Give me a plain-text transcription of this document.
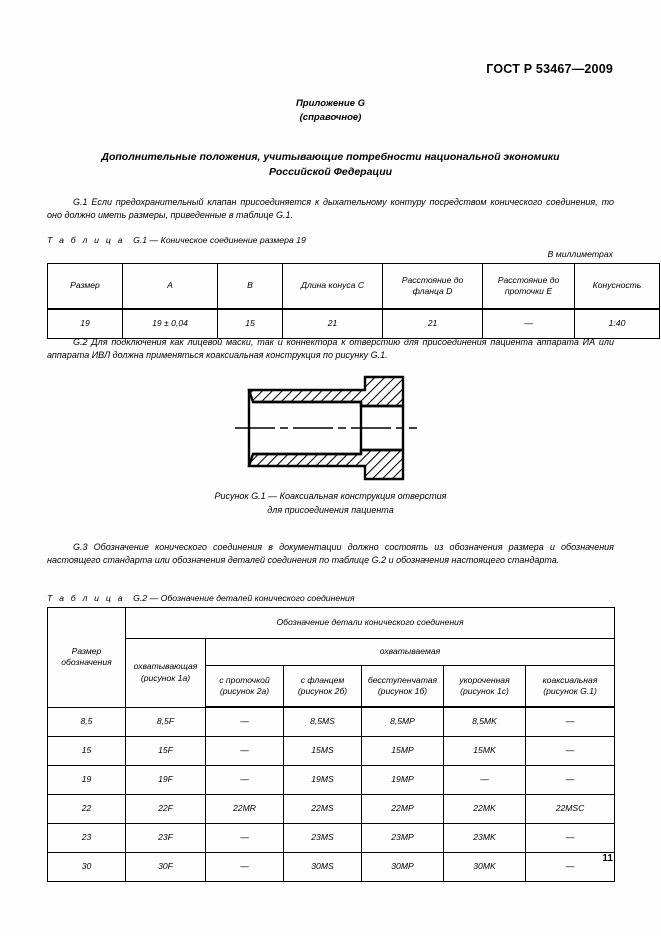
ГОСТ Р 53467—2009
Приложение G
(справочное)
Дополнительные положения, учитывающие потребности национальной экономики
Российской Федерации
G.1 Если предохранительный клапан присоединяется к дыхательному контуру посредством конического соединения, то оно должно иметь размеры, приведенные в таблице G.1.
Т а б л и ц а G.1 — Коническое соединение размера 19
В миллиметрах
Размер	A	B	Длина конуса C	Расстояние до фланца D	Расстояние до проточки E	Конусность
19	19 ± 0,04	15	21	21	—	1:40
G.2 Для подключения как лицевой маски, так и коннектора к отверстию для присоединения пациента аппарата ИА или аппарата ИВЛ должна применяться коаксиальная конструкция по рисунку G.1.
Рисунок G.1 — Коаксиальная конструкция отверстия
для присоединения пациента
G.3 Обозначение конического соединения в документации должно состоять из обозначения размера и обозначения настоящего стандарта или обозначения деталей соединения по таблице G.2 и обозначения настоящего стандарта.
Т а б л и ц а G.2 — Обозначение деталей конического соединения
Размер обозначения	Обозначение детали конического соединения					
	охватывающая (рисунок 1a)	охватываемая				
		с проточкой (рисунок 2a)	с фланцем (рисунок 2б)	бесступенчатая (рисунок 1б)	укороченная (рисунок 1c)	коаксиальная (рисунок G.1)
8,5	8,5F	—	8,5MS	8,5MP	8,5MK	—
15	15F	—	15MS	15MP	15MK	—
19	19F	—	19MS	19MP	—	—
22	22F	22MR	22MS	22MP	22MK	22MSC
23	23F	—	23MS	23MP	23MK	—
30	30F	—	30MS	30MP	30MK	—
11
